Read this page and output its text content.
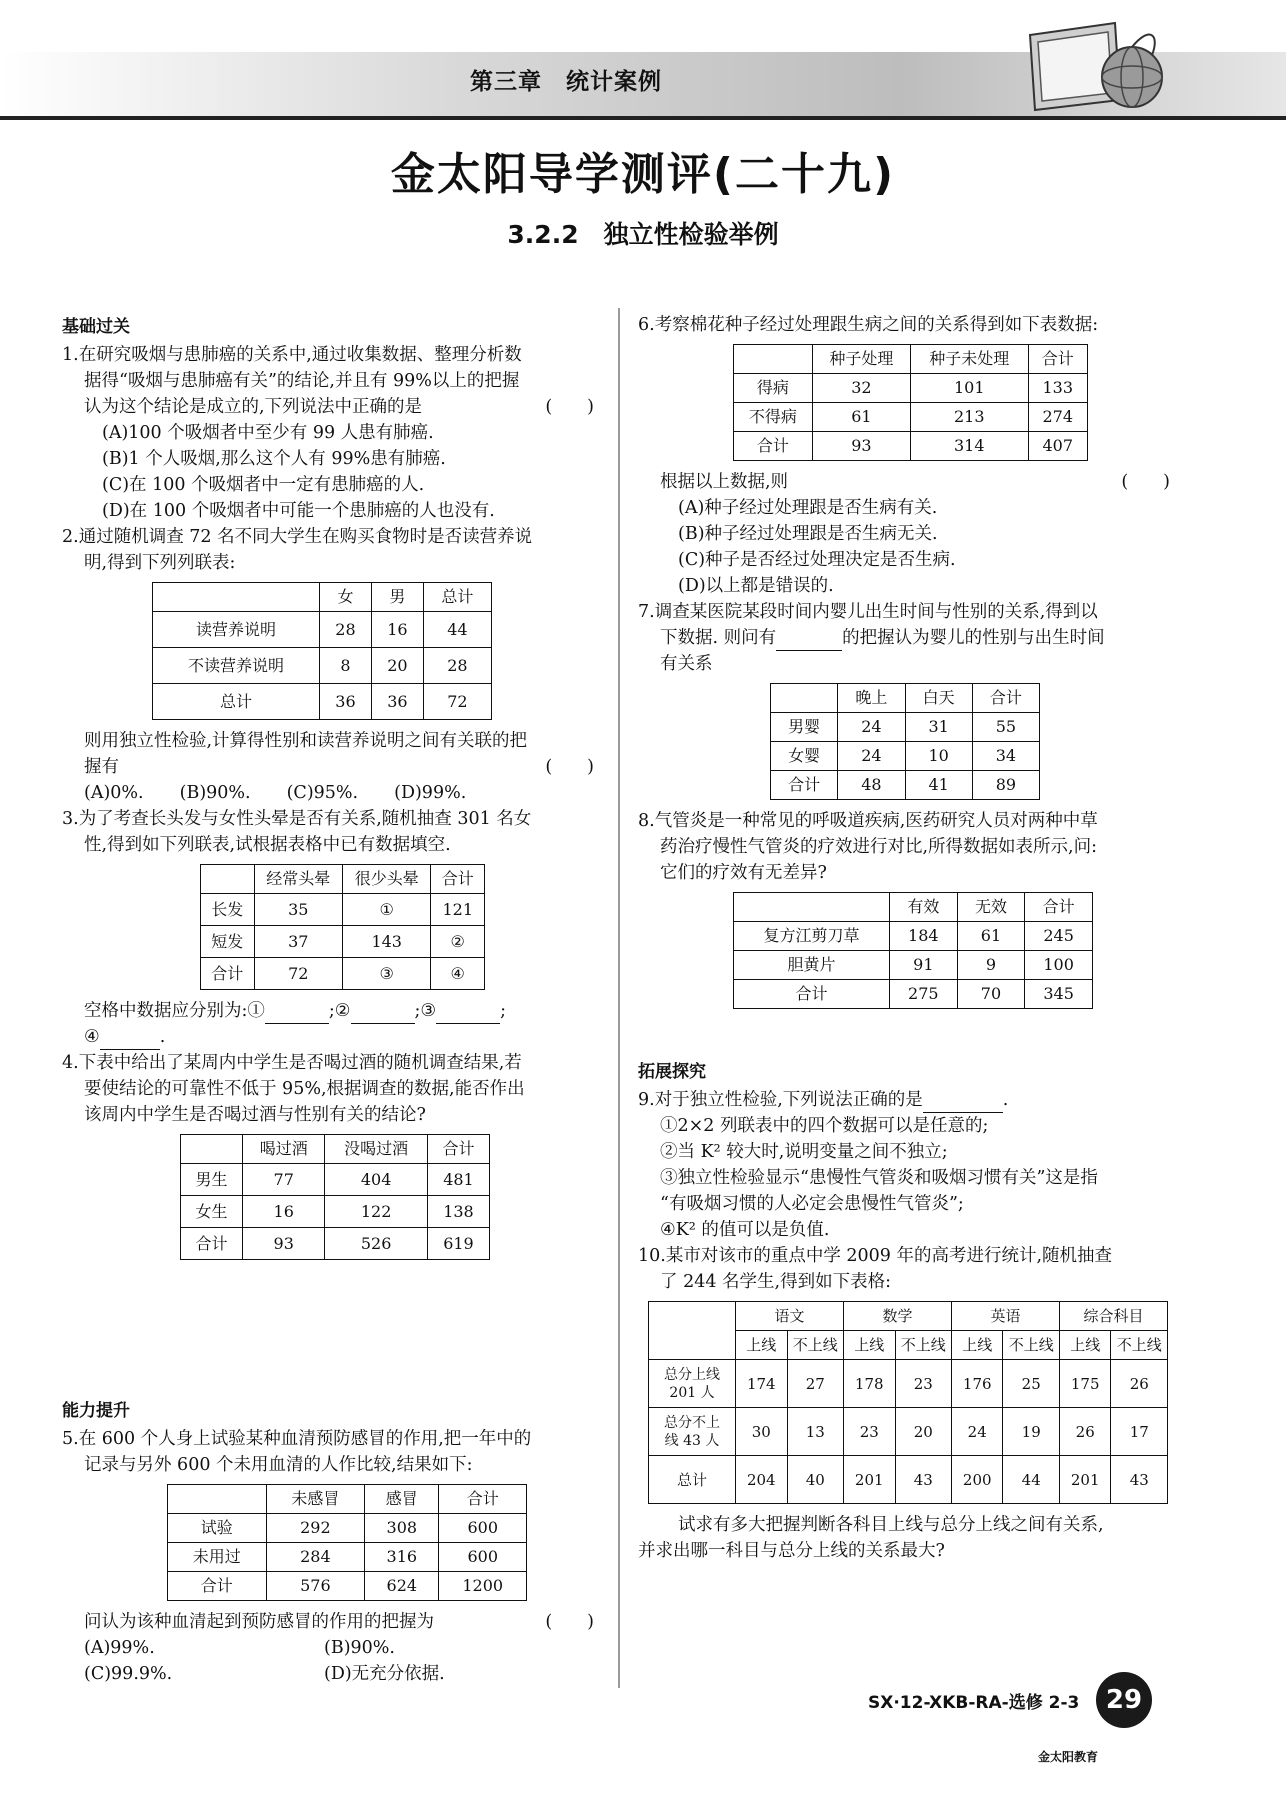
第三章　统计案例
金太阳导学测评(二十九)
3.2.2　独立性检验举例
基础过关
1.在研究吸烟与患肺癌的关系中,通过收集数据、整理分析数
据得“吸烟与患肺癌有关”的结论,并且有 99%以上的把握
认为这个结论是成立的,下列说法中正确的是	(　　)
(A)100 个吸烟者中至少有 99 人患有肺癌.
(B)1 个人吸烟,那么这个人有 99%患有肺癌.
(C)在 100 个吸烟者中一定有患肺癌的人.
(D)在 100 个吸烟者中可能一个患肺癌的人也没有.
2.通过随机调查 72 名不同大学生在购买食物时是否读营养说
明,得到下列列联表:
	女	男	总计
读营养说明	28	16	44
不读营养说明	8	20	28
总计	36	36	72
则用独立性检验,计算得性别和读营养说明之间有关联的把
握有	(　　)
(A)0%. (B)90%. (C)95%. (D)99%.
3.为了考查长头发与女性头晕是否有关系,随机抽查 301 名女
性,得到如下列联表,试根据表格中已有数据填空.
	经常头晕	很少头晕	合计
长发	35	①	121
短发	37	143	②
合计	72	③	④
空格中数据应分别为:①	;②	;③	;
④	.
4.下表中给出了某周内中学生是否喝过酒的随机调查结果,若
要使结论的可靠性不低于 95%,根据调查的数据,能否作出
该周内中学生是否喝过酒与性别有关的结论?
	喝过酒	没喝过酒	合计
男生	77	404	481
女生	16	122	138
合计	93	526	619
能力提升
5.在 600 个人身上试验某种血清预防感冒的作用,把一年中的
记录与另外 600 个未用血清的人作比较,结果如下:
	未感冒	感冒	合计
试验	292	308	600
未用过	284	316	600
合计	576	624	1200
问认为该种血清起到预防感冒的作用的把握为	(　　)
(A)99%.	(B)90%.
(C)99.9%.	(D)无充分依据.
6.考察棉花种子经过处理跟生病之间的关系得到如下表数据:
	种子处理	种子未处理	合计
得病	32	101	133
不得病	61	213	274
合计	93	314	407
根据以上数据,则	(　　)
(A)种子经过处理跟是否生病有关.
(B)种子经过处理跟是否生病无关.
(C)种子是否经过处理决定是否生病.
(D)以上都是错误的.
7.调查某医院某段时间内婴儿出生时间与性别的关系,得到以
下数据. 则问有	的把握认为婴儿的性别与出生时间
有关系
	晚上	白天	合计
男婴	24	31	55
女婴	24	10	34
合计	48	41	89
8.气管炎是一种常见的呼吸道疾病,医药研究人员对两种中草
药治疗慢性气管炎的疗效进行对比,所得数据如表所示,问:
它们的疗效有无差异?
	有效	无效	合计
复方江剪刀草	184	61	245
胆黄片	91	9	100
合计	275	70	345
拓展探究
9.对于独立性检验,下列说法正确的是	.
①2×2 列联表中的四个数据可以是任意的;
②当 K² 较大时,说明变量之间不独立;
③独立性检验显示“患慢性气管炎和吸烟习惯有关”这是指
“有吸烟习惯的人必定会患慢性气管炎”;
④K² 的值可以是负值.
10.某市对该市的重点中学 2009 年的高考进行统计,随机抽查
了 244 名学生,得到如下表格:
	语文		数学		英语		综合科目	
	上线	不上线	上线	不上线	上线	不上线	上线	不上线
总分上线
201 人	174	27	178	23	176	25	175	26
总分不上
线 43 人	30	13	23	20	24	19	26	17
总计	204	40	201	43	200	44	201	43
试求有多大把握判断各科目上线与总分上线之间有关系,
并求出哪一科目与总分上线的关系最大?
SX·12-XKB-RA-选修 2-3	29
金太阳教育
